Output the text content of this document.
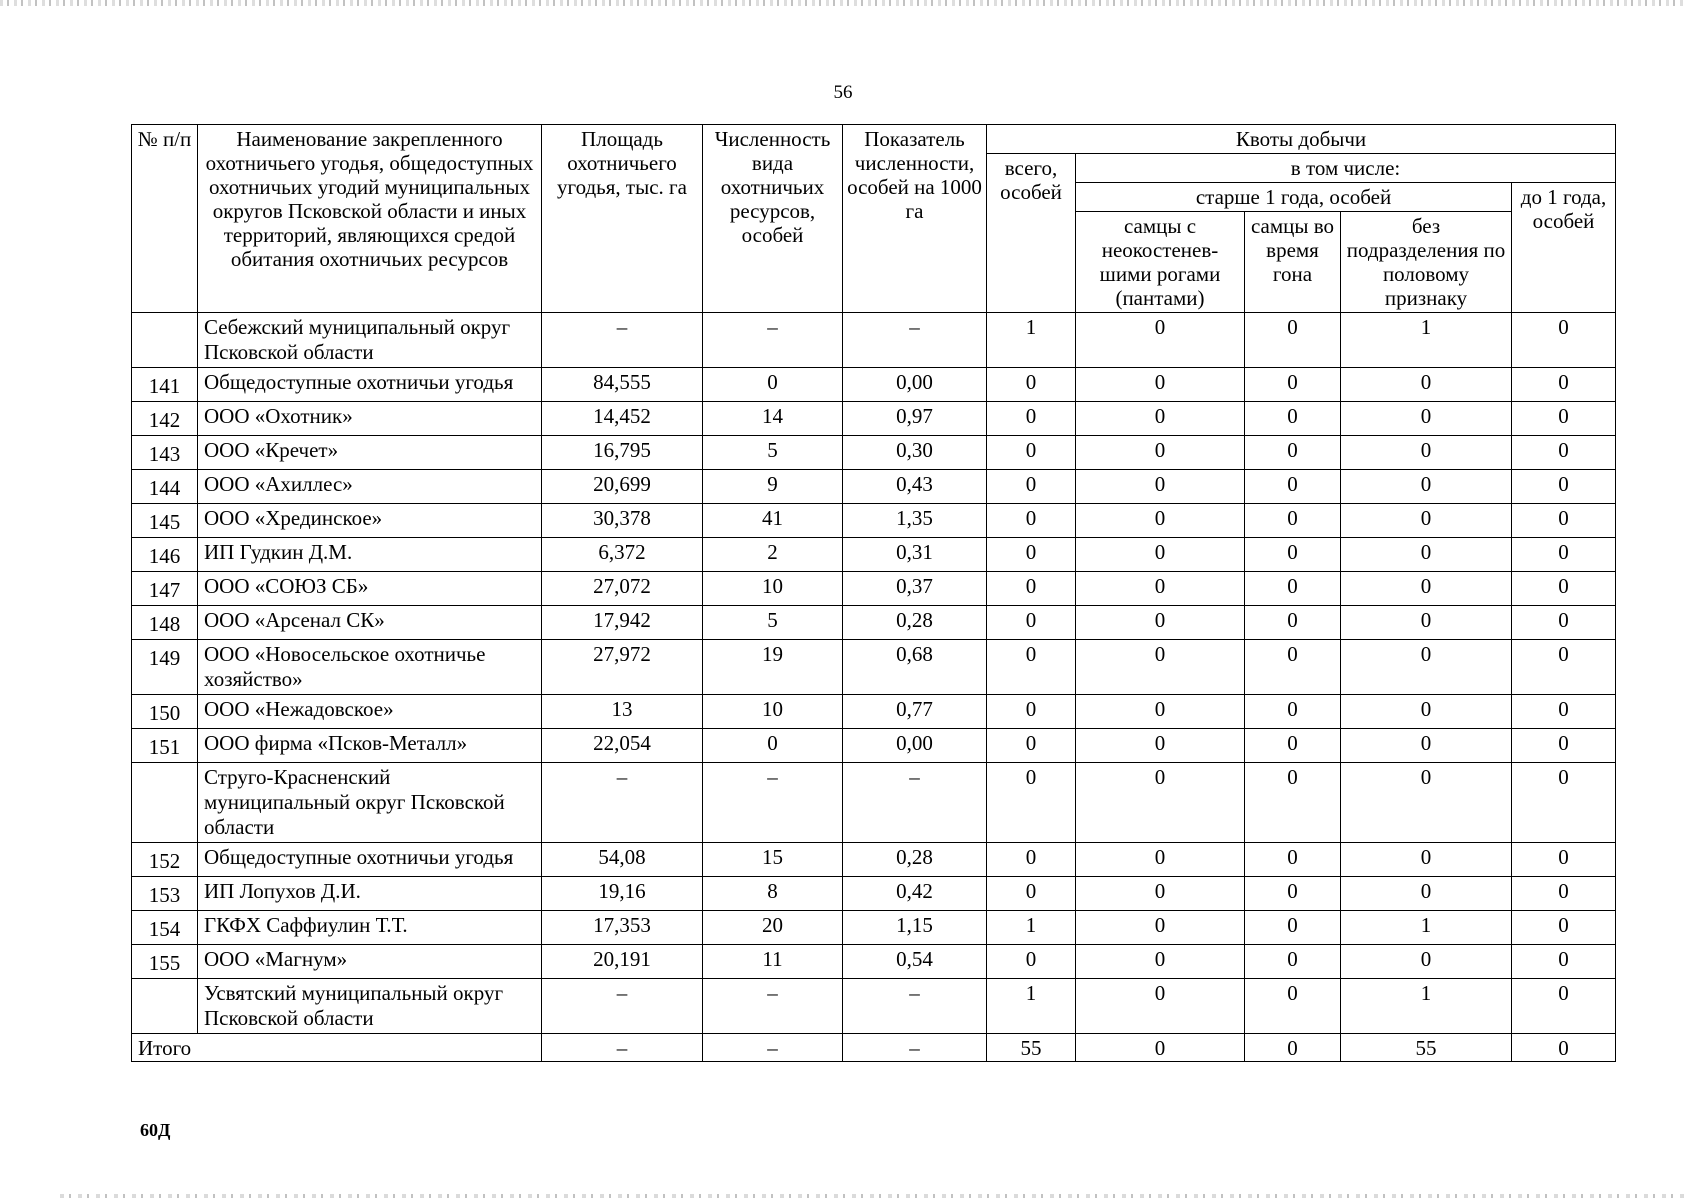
56
№ п/п	Наименование закрепленного охотничьего угодья, общедоступных охотничьих угодий муниципальных округов Псковской области и иных территорий, являющихся средой обитания охотничьих ресурсов	Площадь охотничьего угодья, тыс. га	Численность вида охотничьих ресурсов, особей	Показатель численности, особей на 1000 га	Квоты добычи				
					всего, особей	в том числе:			
						старше 1 года, особей			до 1 года, особей
						самцы с неокостенев-шими рогами (пантами)	самцы во время гона	без подразделения по половому признаку	
	Себежский муниципальный округ Псковской области	–	–	–	1	0	0	1	0
141	Общедоступные охотничьи угодья	84,555	0	0,00	0	0	0	0	0
142	ООО «Охотник»	14,452	14	0,97	0	0	0	0	0
143	ООО «Кречет»	16,795	5	0,30	0	0	0	0	0
144	ООО «Ахиллес»	20,699	9	0,43	0	0	0	0	0
145	ООО «Хрединское»	30,378	41	1,35	0	0	0	0	0
146	ИП Гудкин Д.М.	6,372	2	0,31	0	0	0	0	0
147	ООО «СОЮЗ СБ»	27,072	10	0,37	0	0	0	0	0
148	ООО «Арсенал СК»	17,942	5	0,28	0	0	0	0	0
149	ООО «Новосельское охотничье хозяйство»	27,972	19	0,68	0	0	0	0	0
150	ООО «Нежадовское»	13	10	0,77	0	0	0	0	0
151	ООО фирма «Псков-Металл»	22,054	0	0,00	0	0	0	0	0
	Струго-Красненский муниципальный округ Псковской области	–	–	–	0	0	0	0	0
152	Общедоступные охотничьи угодья	54,08	15	0,28	0	0	0	0	0
153	ИП Лопухов Д.И.	19,16	8	0,42	0	0	0	0	0
154	ГКФХ Саффиулин Т.Т.	17,353	20	1,15	1	0	0	1	0
155	ООО «Магнум»	20,191	11	0,54	0	0	0	0	0
	Усвятский муниципальный округ Псковской области	–	–	–	1	0	0	1	0
Итого		–	–	–	55	0	0	55	0
60Д
